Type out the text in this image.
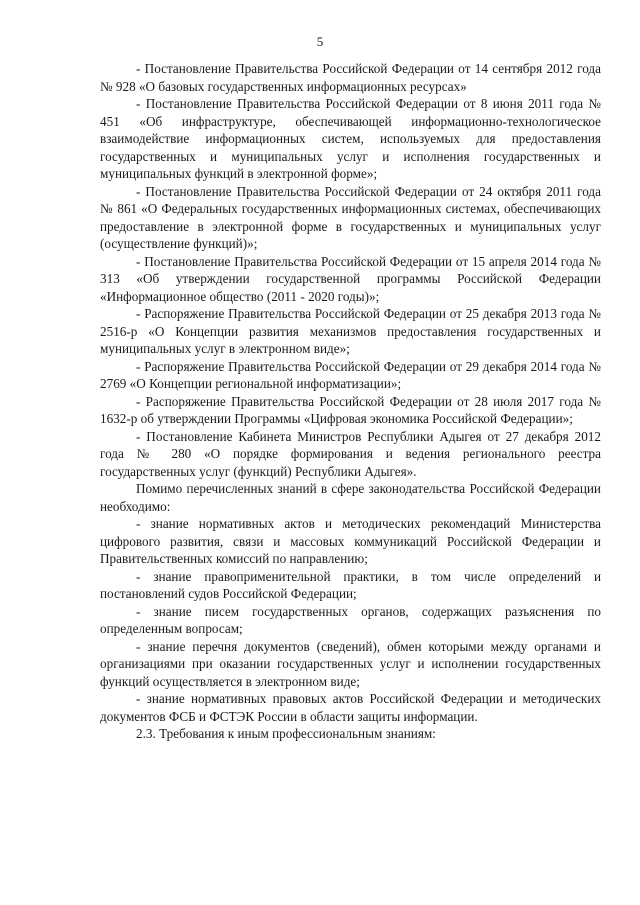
5

- Постановление Правительства Российской Федерации от 14 сентября 2012 года № 928 «О базовых государственных информационных ресурсах»

- Постановление Правительства Российской Федерации от 8 июня 2011 года № 451 «Об инфраструктуре, обеспечивающей информационно-технологическое взаимодействие информационных систем, используемых для предоставления государственных и муниципальных услуг и исполнения государственных и муниципальных функций в электронной форме»;

- Постановление Правительства Российской Федерации от 24 октября 2011 года № 861 «О Федеральных государственных информационных системах, обеспечивающих предоставление в электронной форме в государственных и муниципальных услуг (осуществление функций)»;

- Постановление Правительства Российской Федерации от 15 апреля 2014 года № 313 «Об утверждении государственной программы Российской Федерации «Информационное общество (2011 - 2020 годы)»;

- Распоряжение Правительства Российской Федерации от 25 декабря 2013 года № 2516-р «О Концепции развития механизмов предоставления государственных и муниципальных услуг в электронном виде»;

- Распоряжение Правительства Российской Федерации от 29 декабря 2014 года № 2769 «О Концепции региональной информатизации»;

- Распоряжение Правительства Российской Федерации от 28 июля 2017 года № 1632-р об утверждении Программы «Цифровая экономика Российской Федерации»;

- Постановление Кабинета Министров Республики Адыгея от 27 декабря 2012 года № 280 «О порядке формирования и ведения регионального реестра государственных услуг (функций) Республики Адыгея».

Помимо перечисленных знаний в сфере законодательства Российской Федерации необходимо:

- знание нормативных актов и методических рекомендаций Министерства цифрового развития, связи и массовых коммуникаций Российской Федерации и Правительственных комиссий по направлению;

- знание правоприменительной практики, в том числе определений и постановлений судов Российской Федерации;

- знание писем государственных органов, содержащих разъяснения по определенным вопросам;

- знание перечня документов (сведений), обмен которыми между органами и организациями при оказании государственных услуг и исполнении государственных функций осуществляется в электронном виде;

- знание нормативных правовых актов Российской Федерации и методических документов ФСБ и ФСТЭК России в области защиты информации.

2.3. Требования к иным профессиональным знаниям:
